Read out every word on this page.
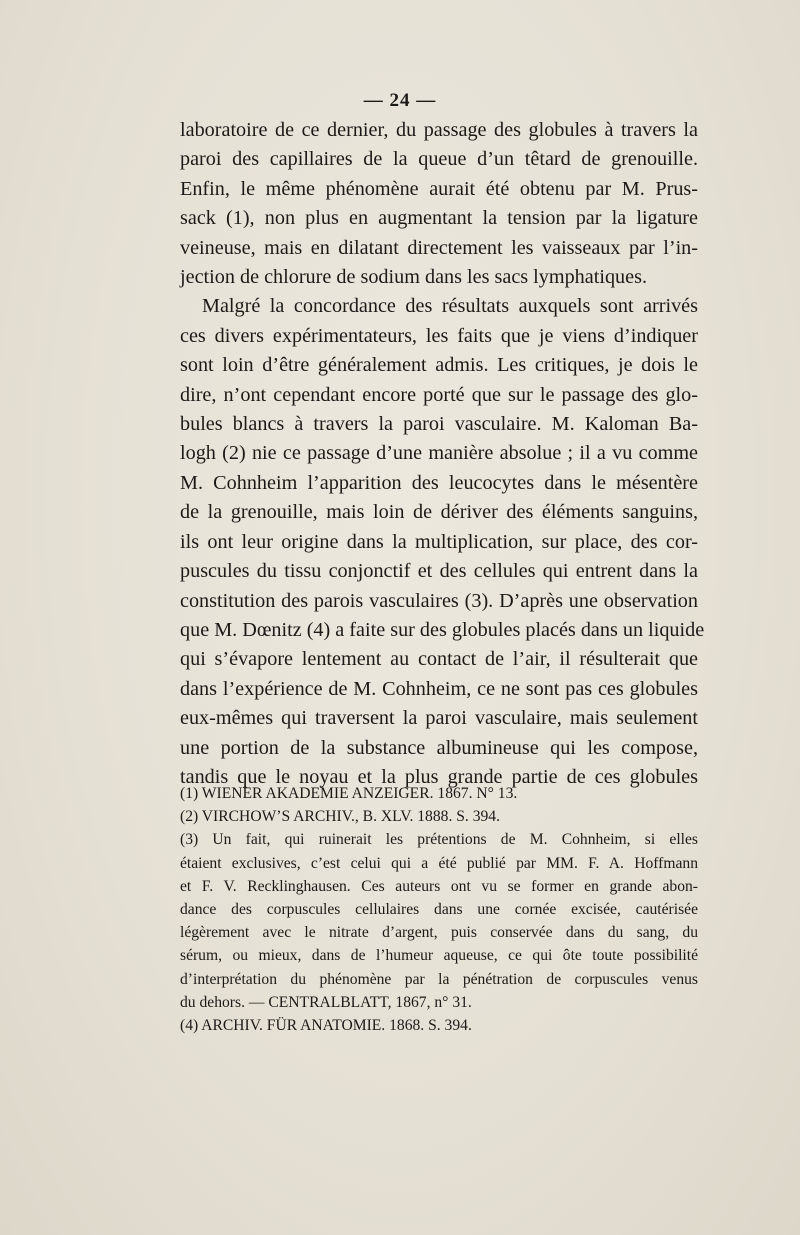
— 24 —
laboratoire de ce dernier, du passage des globules à travers la
paroi des capillaires de la queue d’un têtard de grenouille.
Enfin, le même phénomène aurait été obtenu par M. Prus-
sack (1), non plus en augmentant la tension par la ligature
veineuse, mais en dilatant directement les vaisseaux par l’in-
jection de chlorure de sodium dans les sacs lymphatiques.
Malgré la concordance des résultats auxquels sont arrivés
ces divers expérimentateurs, les faits que je viens d’indiquer
sont loin d’être généralement admis. Les critiques, je dois le
dire, n’ont cependant encore porté que sur le passage des glo-
bules blancs à travers la paroi vasculaire. M. Kaloman Ba-
logh (2) nie ce passage d’une manière absolue ; il a vu comme
M. Cohnheim l’apparition des leucocytes dans le mésentère
de la grenouille, mais loin de dériver des éléments sanguins,
ils ont leur origine dans la multiplication, sur place, des cor-
puscules du tissu conjonctif et des cellules qui entrent dans la
constitution des parois vasculaires (3). D’après une observation
que M. Dœnitz (4) a faite sur des globules placés dans un liquide
qui s’évapore lentement au contact de l’air, il résulterait que
dans l’expérience de M. Cohnheim, ce ne sont pas ces globules
eux-mêmes qui traversent la paroi vasculaire, mais seulement
une portion de la substance albumineuse qui les compose,
tandis que le noyau et la plus grande partie de ces globules
(1) WIENER AKADEMIE ANZEIGER. 1867. N° 13.
(2) VIRCHOW’S ARCHIV., B. XLV. 1888. S. 394.
(3) Un fait, qui ruinerait les prétentions de M. Cohnheim, si elles
étaient exclusives, c’est celui qui a été publié par MM. F. A. Hoffmann
et F. V. Recklinghausen. Ces auteurs ont vu se former en grande abon-
dance des corpuscules cellulaires dans une cornée excisée, cautérisée
légèrement avec le nitrate d’argent, puis conservée dans du sang, du
sérum, ou mieux, dans de l’humeur aqueuse, ce qui ôte toute possibilité
d’interprétation du phénomène par la pénétration de corpuscules venus
du dehors. — CENTRALBLATT, 1867, n° 31.
(4) ARCHIV. FÜR ANATOMIE. 1868. S. 394.
